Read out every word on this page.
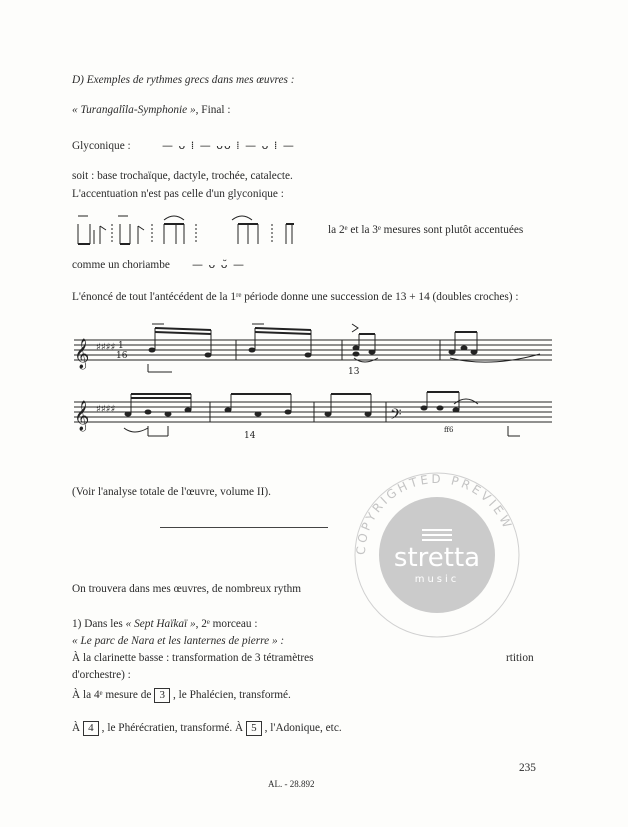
D) Exemples de rythmes grecs dans mes œuvres :
« Turangalîla-Symphonie », Final :
Glyconique :	— ᴗ ⁞ — ᴗᴗ ⁞ — ᴗ ⁞ —
soit : base trochaïque, dactyle, trochée, catalecte.
L'accentuation n'est pas celle d'un glyconique :
la 2ᵉ et la 3ᵉ mesures sont plutôt accentuées
comme un choriambe — ᴗ ᴗ̆ —
L'énoncé de tout l'antécédent de la 1ʳᵉ période donne une succession de 13 + 14 (doubles croches) :
𝄞 ♯♯♯♯ 1
16
13
𝄞 ♯♯♯♯
14
𝄢
ff6
(Voir l'analyse totale de l'œuvre, volume II).
On trouvera dans mes œuvres, de nombreux rythm
1) Dans les « Sept Haïkaï », 2ᵉ morceau :
« Le parc de Nara et les lanternes de pierre » :
À la clarinette basse : transformation de 3 tétramètres	rtition
d'orchestre) :
À la 4ᵉ mesure de 3 , le Phalécien, transformé.
À 4 , le Phérécratien, transformé. À 5 , l'Adonique, etc.
AL. - 28.892
235
COPYRIGHTED PREVIEW
stretta
music
